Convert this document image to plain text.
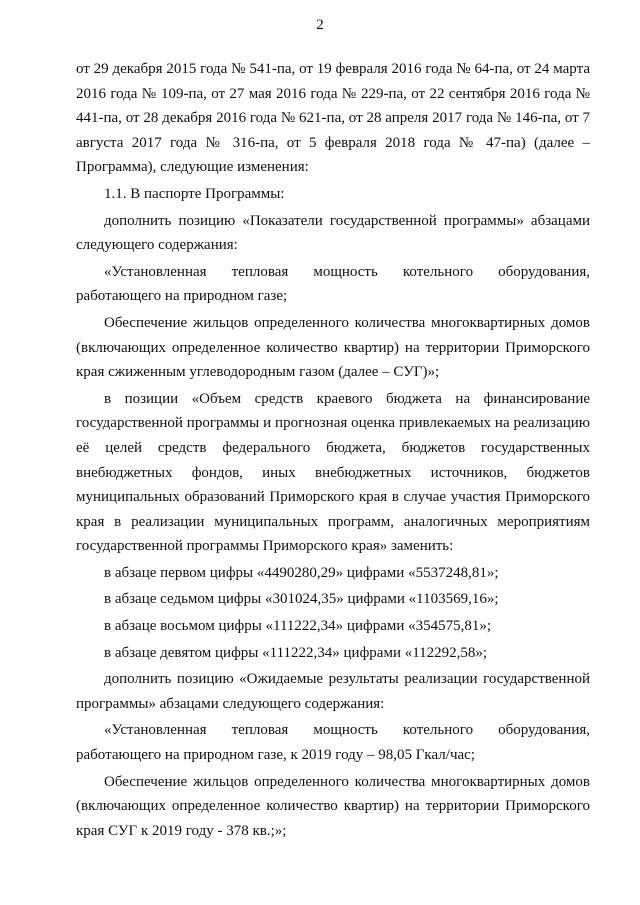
2

от 29 декабря 2015 года № 541-па, от 19 февраля 2016 года № 64-па, от 24 марта 2016 года № 109-па, от 27 мая 2016 года № 229-па, от 22 сентября 2016 года № 441-па, от 28 декабря 2016 года № 621-па, от 28 апреля 2017 года № 146-па, от 7 августа 2017 года № 316-па, от 5 февраля 2018 года № 47-па) (далее – Программа), следующие изменения:

1.1. В паспорте Программы:

дополнить позицию «Показатели государственной программы» абзацами следующего содержания:

«Установленная тепловая мощность котельного оборудования, работающего на природном газе;

Обеспечение жильцов определенного количества многоквартирных домов (включающих определенное количество квартир) на территории Приморского края сжиженным углеводородным газом (далее – СУГ)»;

в позиции «Объем средств краевого бюджета на финансирование государственной программы и прогнозная оценка привлекаемых на реализацию её целей средств федерального бюджета, бюджетов государственных внебюджетных фондов, иных внебюджетных источников, бюджетов муниципальных образований Приморского края в случае участия Приморского края в реализации муниципальных программ, аналогичных мероприятиям государственной программы Приморского края» заменить:

в абзаце первом цифры «4490280,29» цифрами «5537248,81»;

в абзаце седьмом цифры «301024,35» цифрами «1103569,16»;

в абзаце восьмом цифры «111222,34» цифрами «354575,81»;

в абзаце девятом цифры «111222,34» цифрами «112292,58»;

дополнить позицию «Ожидаемые результаты реализации государственной программы» абзацами следующего содержания:

«Установленная тепловая мощность котельного оборудования, работающего на природном газе, к 2019 году – 98,05 Гкал/час;

Обеспечение жильцов определенного количества многоквартирных домов (включающих определенное количество квартир) на территории Приморского края СУГ к 2019 году - 378 кв.;»;
